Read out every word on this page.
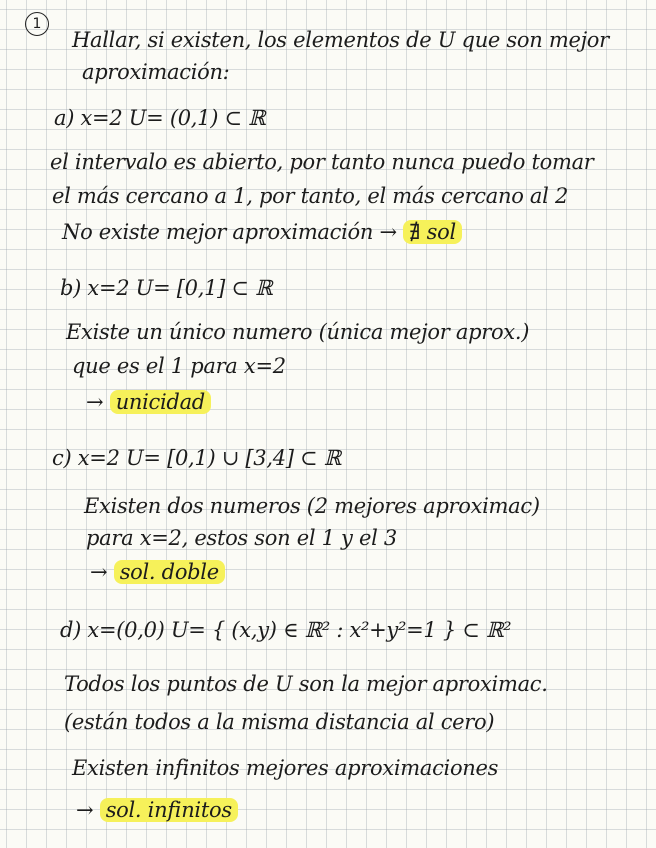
1
Hallar, si existen, los elementos de U que son mejor
aproximación:
a) x=2 U= (0,1) ⊂ ℝ
el intervalo es abierto, por tanto nunca puedo tomar
el más cercano a 1, por tanto, el más cercano al 2
No existe mejor aproximación → ∄ sol
b) x=2 U= [0,1] ⊂ ℝ
Existe un único numero (única mejor aprox.)
que es el 1 para x=2
→ unicidad
c) x=2 U= [0,1) ∪ [3,4] ⊂ ℝ
Existen dos numeros (2 mejores aproximac)
para x=2, estos son el 1 y el 3
→ sol. doble
d) x=(0,0) U= { (x,y) ∈ ℝ² : x²+y²=1 } ⊂ ℝ²
Todos los puntos de U son la mejor aproximac.
(están todos a la misma distancia al cero)
Existen infinitos mejores aproximaciones
→ sol. infinitos
